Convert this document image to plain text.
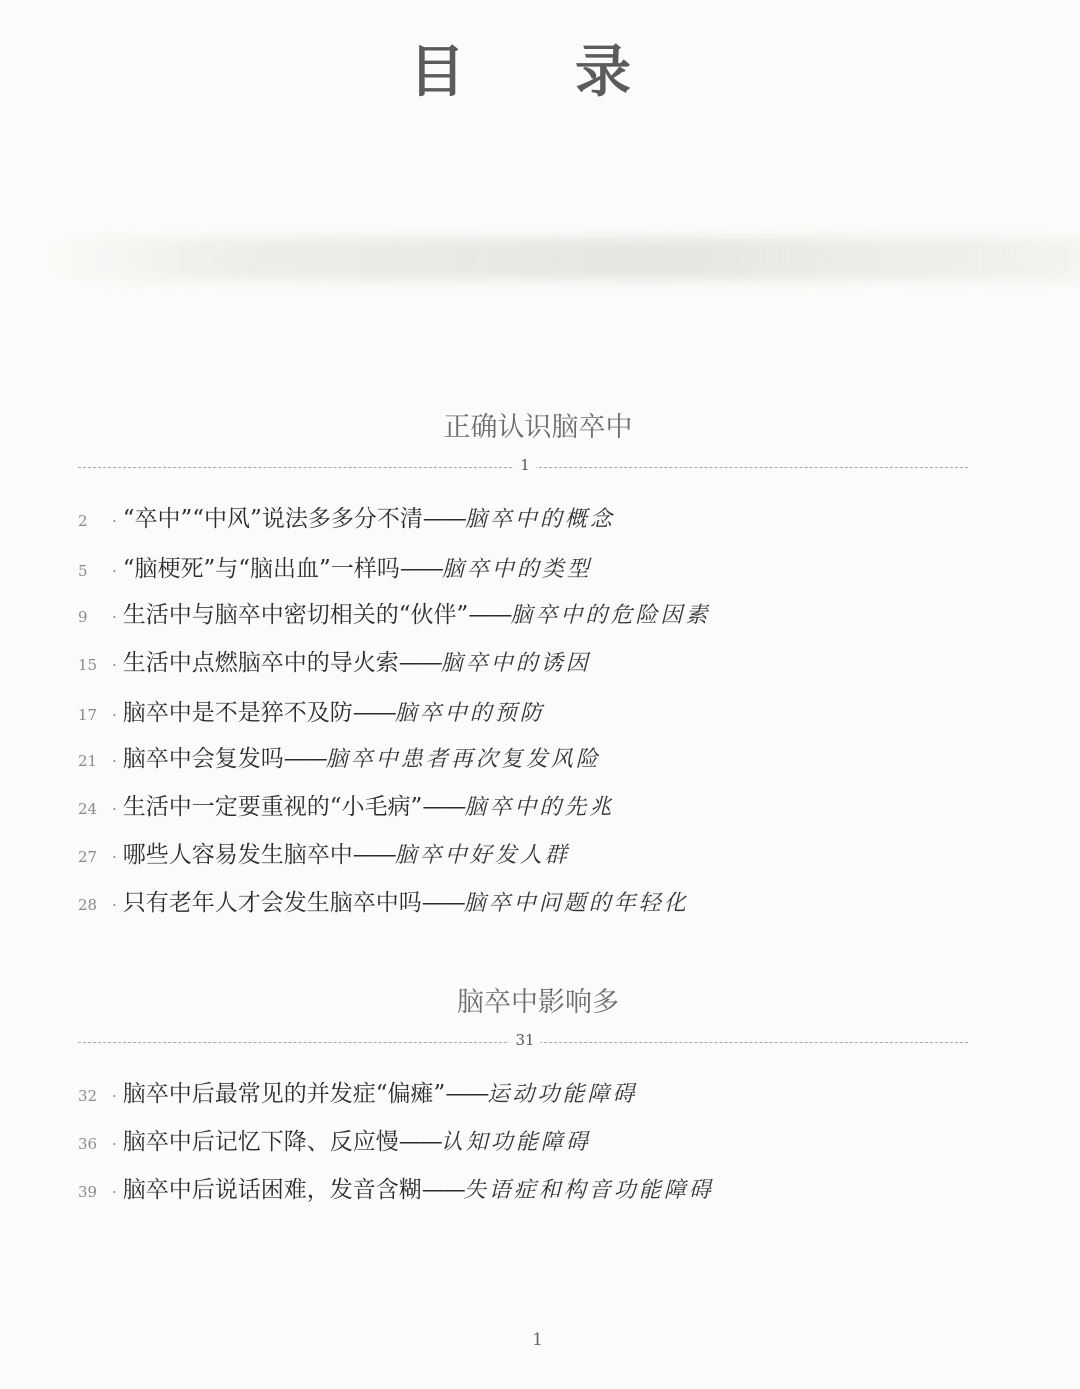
目录
正确认识脑卒中
1
2	· “卒中”“中风”说法多多分不清 —— 脑卒中的概念
5	· “脑梗死”与“脑出血”一样吗 —— 脑卒中的类型
9	· 生活中与脑卒中密切相关的“伙伴” —— 脑卒中的危险因素
15 · 生活中点燃脑卒中的导火索 —— 脑卒中的诱因
17 · 脑卒中是不是猝不及防 —— 脑卒中的预防
21 · 脑卒中会复发吗 —— 脑卒中患者再次复发风险
24 · 生活中一定要重视的“小毛病” —— 脑卒中的先兆
27 · 哪些人容易发生脑卒中 —— 脑卒中好发人群
28 · 只有老年人才会发生脑卒中吗 —— 脑卒中问题的年轻化
脑卒中影响多
31
32 · 脑卒中后最常见的并发症“偏瘫” —— 运动功能障碍
36 · 脑卒中后记忆下降、反应慢 —— 认知功能障碍
39 · 脑卒中后说话困难，发音含糊 —— 失语症和构音功能障碍
1
